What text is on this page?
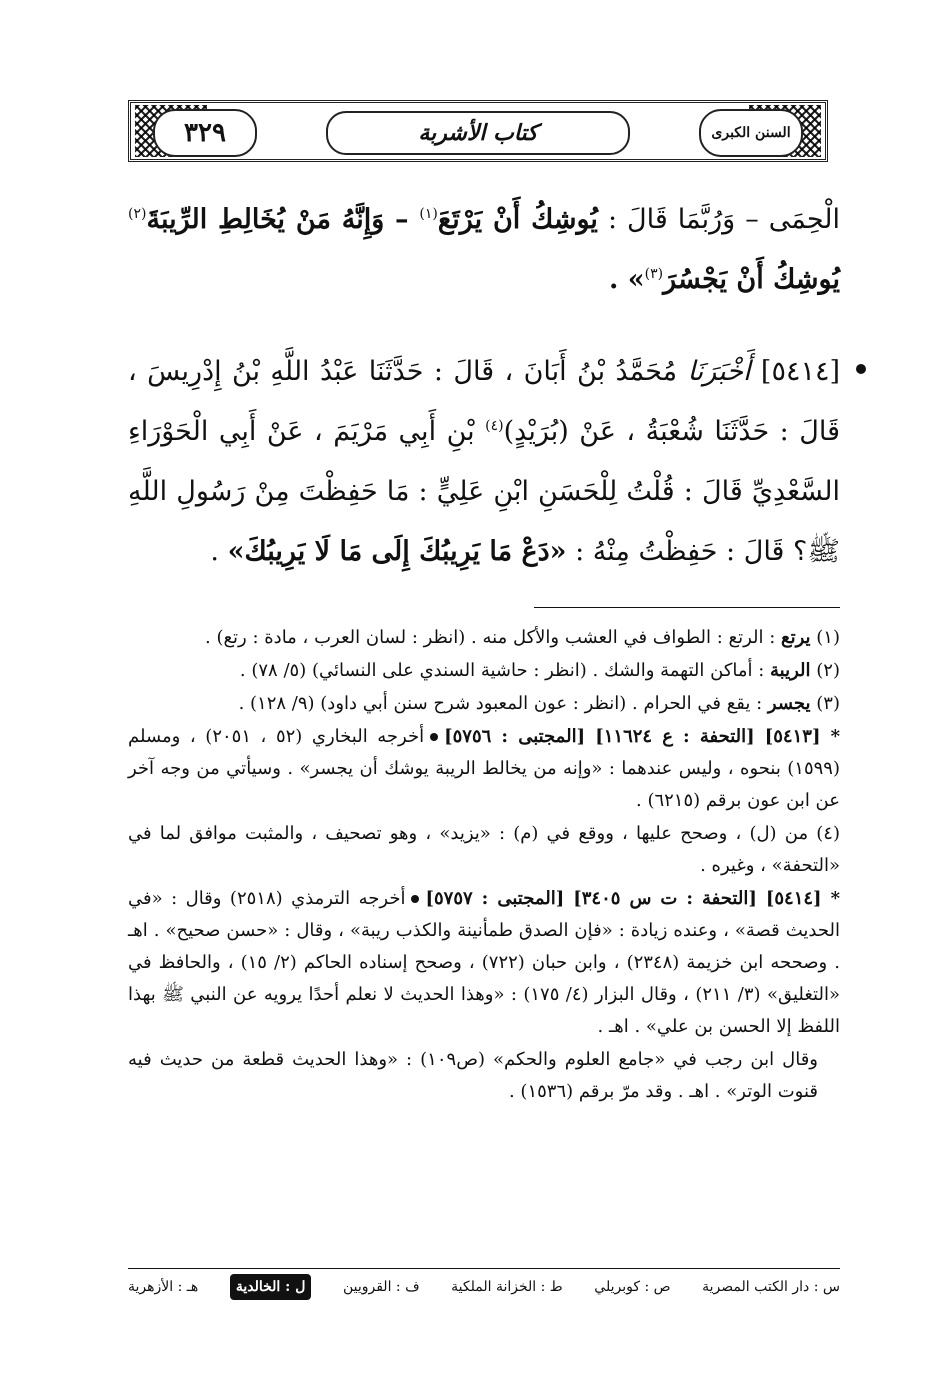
٣٢٩	كتاب الأشربة	السنن الكبرى

الْحِمَى – وَرُبَّمَا قَالَ : يُوشِكُ أَنْ يَرْتَعَ$^{(١)}$ – وَإِنَّهُ مَنْ يُخَالِطِ الرِّيبَةَ$^{(٢)}$ يُوشِكُ أَنْ يَجْسُرَ$^{(٣)}$» .

[٥٤١٤] أَخْبَرَنَا مُحَمَّدُ بْنُ أَبَانَ ، قَالَ : حَدَّثَنَا عَبْدُ اللَّهِ بْنُ إِدْرِيسَ ، قَالَ : حَدَّثَنَا شُعْبَةُ ، عَنْ (بُرَيْدٍ)$^{(٤)}$ بْنِ أَبِي مَرْيَمَ ، عَنْ أَبِي الْحَوْرَاءِ السَّعْدِيِّ قَالَ : قُلْتُ لِلْحَسَنِ ابْنِ عَلِيٍّ : مَا حَفِظْتَ مِنْ رَسُولِ اللَّهِ ﷺ؟ قَالَ : حَفِظْتُ مِنْهُ : «دَعْ مَا يَرِيبُكَ إِلَى مَا لَا يَرِيبُكَ» .

(١) يرتع : الرتع : الطواف في العشب والأكل منه . (انظر : لسان العرب ، مادة : رتع) .

(٢) الريبة : أماكن التهمة والشك . (انظر : حاشية السندي على النسائي) (٥/ ٧٨) .

(٣) يجسر : يقع في الحرام . (انظر : عون المعبود شرح سنن أبي داود) (٩/ ١٢٨) .

* [٥٤١٣] [التحفة : ع ١١٦٢٤] [المجتبى : ٥٧٥٦]أخرجه البخاري (٥٢ ، ٢٠٥١) ، ومسلم (١٥٩٩) بنحوه ، وليس عندهما : «وإنه من يخالط الريبة يوشك أن يجسر» . وسيأتي من وجه آخر عن ابن عون برقم (٦٢١٥) .

(٤) من (ل) ، وصحح عليها ، ووقع في (م) : «يزيد» ، وهو تصحيف ، والمثبت موافق لما في «التحفة» ، وغيره .

* [٥٤١٤] [التحفة : ت س ٣٤٠٥] [المجتبى : ٥٧٥٧]أخرجه الترمذي (٢٥١٨) وقال : «في الحديث قصة» ، وعنده زيادة : «فإن الصدق طمأنينة والكذب ريبة» ، وقال : «حسن صحيح» . اهـ . وصححه ابن خزيمة (٢٣٤٨) ، وابن حبان (٧٢٢) ، وصحح إسناده الحاكم (٢/ ١٥) ، والحافظ في «التغليق» (٣/ ٢١١) ، وقال البزار (٤/ ١٧٥) : «وهذا الحديث لا نعلم أحدًا يرويه عن النبي ﷺ بهذا اللفظ إلا الحسن بن علي» . اهـ .

وقال ابن رجب في «جامع العلوم والحكم» (ص١٠٩) : «وهذا الحديث قطعة من حديث فيه قنوت الوتر» . اهـ . وقد مرّ برقم (١٥٣٦) .

س : دار الكتب المصرية
ص : كوبريلي
ط : الخزانة الملكية
ف : القرويين
ل : الخالدية
هـ : الأزهرية
